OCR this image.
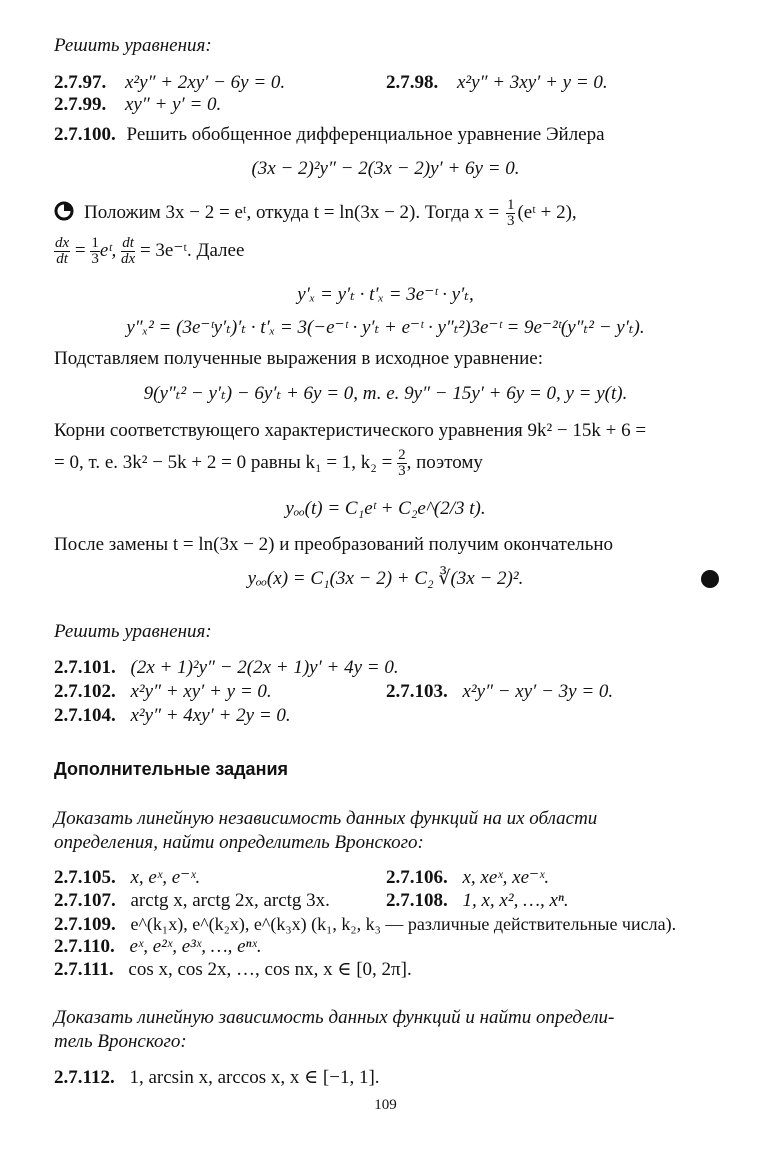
Решить уравнения:
2.7.97. x²y″ + 2xy′ − 6y = 0.	2.7.98. x²y″ + 3xy′ + y = 0.
2.7.99. xy″ + y′ = 0.
2.7.100. Решить обобщенное дифференциальное уравнение Эйлера
(3x − 2)²y″ − 2(3x − 2)y′ + 6y = 0.
Положим 3x − 2 = eᵗ, откуда t = ln(3x − 2). Тогда $x = \frac{1}{3}$ (eᵗ + 2),
$\frac{dx}{dt} = \frac{1}{3}$ eᵗ, $\frac{dt}{dx}$ = 3e⁻ᵗ. Далее
y′ₓ = y′ₜ · t′ₓ = 3e⁻ᵗ · y′ₜ,
y″ₓ² = (3e⁻ᵗy′ₜ)′ₜ · t′ₓ = 3(−e⁻ᵗ · y′ₜ + e⁻ᵗ · y″ₜ²)3e⁻ᵗ = 9e⁻²ᵗ(y″ₜ² − y′ₜ).
Подставляем полученные выражения в исходное уравнение:
9(y″ₜ² − y′ₜ) − 6y′ₜ + 6y = 0, т. е. 9y″ − 15y′ + 6y = 0, y = y(t).
Корни соответствующего характеристического уравнения 9k² − 15k + 6 =
= 0, т. е. 3k² − 5k + 2 = 0 равны k₁ = 1, $k_2 = \frac{2}{3}$ , поэтому
yₒₒ(t) = C₁eᵗ + C₂e^(2/3 t).
После замены t = ln(3x − 2) и преобразований получим окончательно
yₒₒ(x) = C₁(3x − 2) + C₂ ∛(3x − 2)².
Решить уравнения:
2.7.101. (2x + 1)²y″ − 2(2x + 1)y′ + 4y = 0.
2.7.102. x²y″ + xy′ + y = 0.	2.7.103. x²y″ − xy′ − 3y = 0.
2.7.104. x²y″ + 4xy′ + 2y = 0.
Дополнительные задания
Доказать линейную независимость данных функций на их области
определения, найти определитель Вронского:
2.7.105. x, eˣ, e⁻ˣ.	2.7.106. x, xeˣ, xe⁻ˣ.
2.7.107. arctg x, arctg 2x, arctg 3x.	2.7.108. 1, x, x², …, xⁿ.
2.7.109. e^(k₁x), e^(k₂x), e^(k₃x) (k₁, k₂, k₃ — различные действительные числа).
2.7.110. eˣ, e²ˣ, e³ˣ, …, eⁿˣ.
2.7.111. cos x, cos 2x, …, cos nx, x ∈ [0, 2π].
Доказать линейную зависимость данных функций и найти определи-
тель Вронского:
2.7.112. 1, arcsin x, arccos x, x ∈ [−1, 1].
109
